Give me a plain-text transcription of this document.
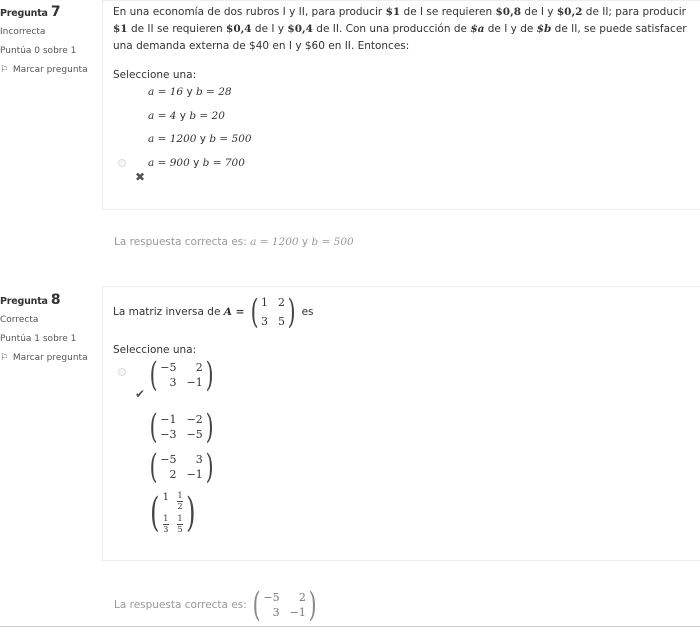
Pregunta 7
Incorrecta
Puntúa 0 sobre 1
⚐ Marcar pregunta
En una economía de dos rubros I y II, para producir $1 de I se requieren $0,8 de I y $0,2 de II; para producir $1 de II se requieren $0,4 de I y $0,4 de II. Con una producción de $a de I y de $b de II, se puede satisfacer una demanda externa de $40 en I y $60 en II. Entonces:
Seleccione una:
a = 16 y b = 28
a = 4 y b = 20
a = 1200 y b = 500
a = 900 y b = 700
✖
La respuesta correcta es: a = 1200 y b = 500
Pregunta 8
Correcta
Puntúa 1 sobre 1
⚐ Marcar pregunta
La matriz inversa de A = ( 1 2
3 5 ) es
Seleccione una:
( −5	2
3 −1 )
✔
( −1 −2
−3 −5 )
( −5	3
2 −1 )
( $1 \frac{1}{2}$
$\frac{1}{3} \frac{1}{5}$ )
La respuesta correcta es: ( −5	2
3 −1 )
